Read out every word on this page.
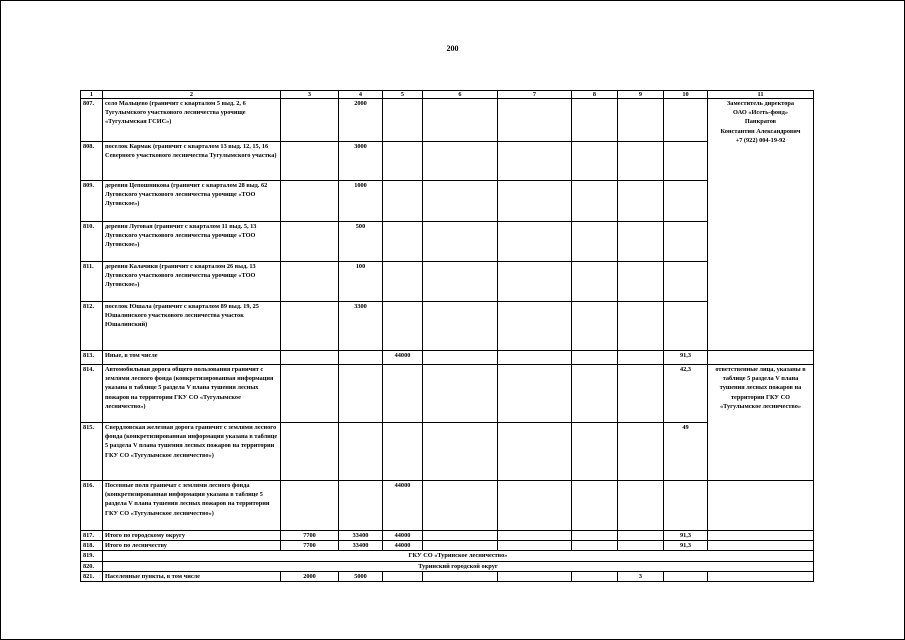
200
1	2	3	4	5	6	7	8	9	10	11
807.	село Мальцево (граничит с кварталом 5 выд. 2, 6 Тугулымского участкового лесничества урочище «Тугулымская ГСИС»)		2000							Заместитель директора
ОАО «Исеть-фонд»
Панкратов
Константин Александрович
+7 (922) 004-19-92

808.	поселок Кармак (граничит с кварталом 13 выд. 12, 15, 16 Северного участкового лесничества Тугулымского участка)		3000							
809.	деревня Цепошникова (граничит с кварталом 28 выд. 62 Луговского участкового лесничества урочище «ТОО Луговское»)		1000							
810.	деревня Луговая (граничит с кварталом 11 выд. 5, 13 Луговского участкового лесничества урочище «ТОО Луговское»)		500							
811.	деревня Калачики (граничит с кварталом 26 выд. 13 Луговского участкового лесничества урочище «ТОО Луговское»)		100							
812.	поселок Юшала (граничит с кварталом 89 выд. 19, 25 Юшалинского участкового лесничества участок Юшалинский)		3300							
813.	Иные, в том числе			44000					91,3	
814.	Автомобильная дорога общего пользования граничит с землями лесного фонда (конкретизированная информация указана в таблице 5 раздела V плана тушения лесных пожаров на территории ГКУ СО «Тугулымское лесничество»)								42,3	ответственные лица, указаны в таблице 5 раздела V плана тушения лесных пожаров на территории ГКУ СО «Тугулымское лесничество»
815.	Свердловская железная дорога граничит с землями лесного фонда (конкретизированная информация указана в таблице 5 раздела V плана тушения лесных пожаров на территории ГКУ СО «Тугулымское лесничество»)								49	
816.	Посевные поля граничат с землями лесного фонда (конкретизированная информация указана в таблице 5 раздела V плана тушения лесных пожаров на территории ГКУ СО «Тугулымское лесничество»)			44000						
817.	Итого по городскому округу	7700	33400	44000					91,3	
818.	Итого по лесничеству	7700	33400	44000					91,3	
819.	ГКУ СО «Туринское лесничество»									
820.	Туринский городской округ									
821.	Населенные пункты, в том числе	2000	5000					3		
